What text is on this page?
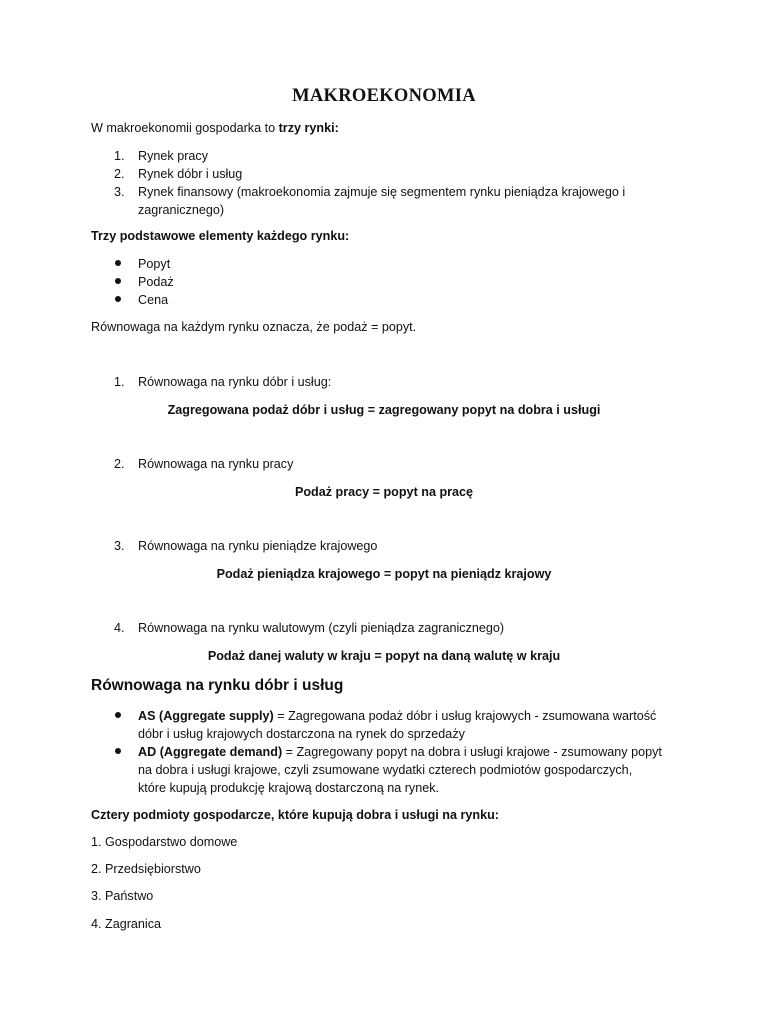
MAKROEKONOMIA
W makroekonomii gospodarka to trzy rynki:
1.	Rynek pracy
2.	Rynek dóbr i usług
3.	Rynek finansowy (makroekonomia zajmuje się segmentem rynku pieniądza krajowego i
zagranicznego)
Trzy podstawowe elementy każdego rynku:
Popyt
Podaż
Cena
Równowaga na każdym rynku oznacza, że podaż = popyt.
1.	Równowaga na rynku dóbr i usług:
Zagregowana podaż dóbr i usług = zagregowany popyt na dobra i usługi
2.	Równowaga na rynku pracy
Podaż pracy = popyt na pracę
3.	Równowaga na rynku pieniądze krajowego
Podaż pieniądza krajowego = popyt na pieniądz krajowy
4.	Równowaga na rynku walutowym (czyli pieniądza zagranicznego)
Podaż danej waluty w kraju = popyt na daną walutę w kraju
Równowaga na rynku dóbr i usług
AS (Aggregate supply) = Zagregowana podaż dóbr i usług krajowych - zsumowana wartość
dóbr i usług krajowych dostarczona na rynek do sprzedaży
AD (Aggregate demand) = Zagregowany popyt na dobra i usługi krajowe - zsumowany popyt
na dobra i usługi krajowe, czyli zsumowane wydatki czterech podmiotów gospodarczych,
które kupują produkcję krajową dostarczoną na rynek.
Cztery podmioty gospodarcze, które kupują dobra i usługi na rynku:
1. Gospodarstwo domowe
2. Przedsiębiorstwo
3. Państwo
4. Zagranica
